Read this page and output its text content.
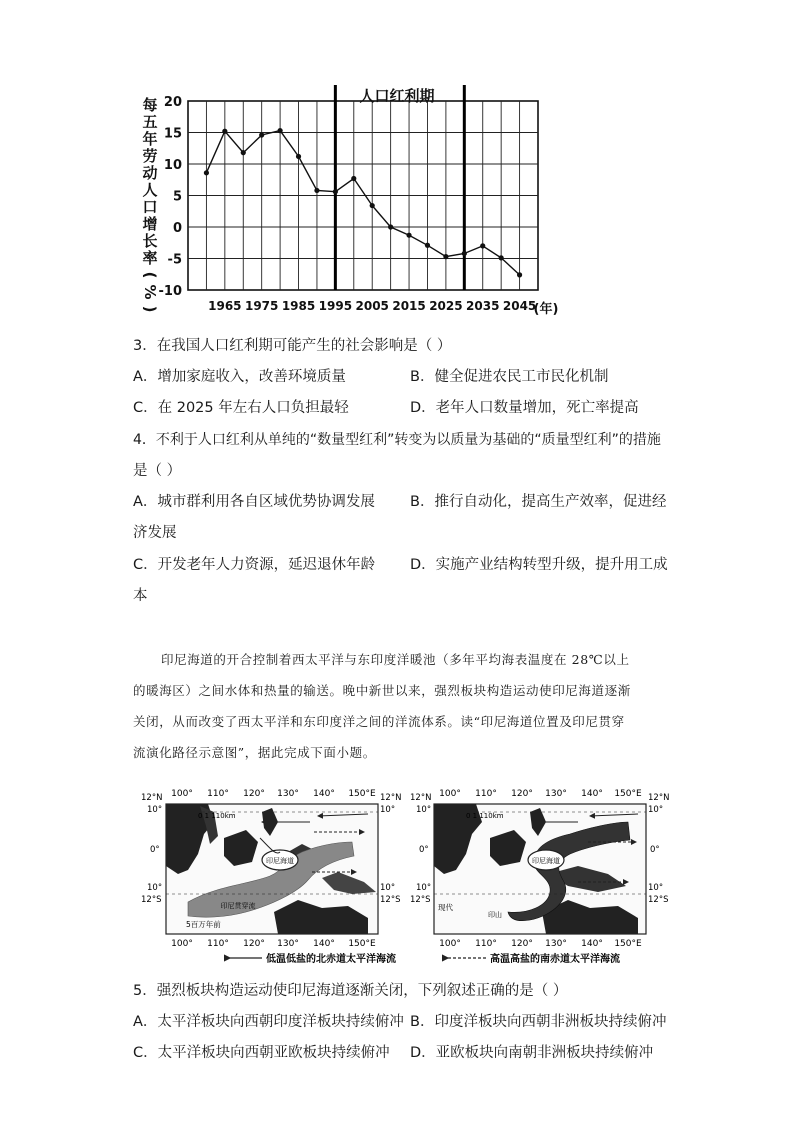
人口红利期
每
五
年
劳
动
人
口
增
长
率
(
%
)
20
15
10
5
0
-5
-10
1965 1975 1985 1995 2005 2015 2025 2035 2045
(年)
3．在我国人口红利期可能产生的社会影响是（ ）
A．增加家庭收入，改善环境质量	B．健全促进农民工市民化机制
C．在 2025 年左右人口负担最轻	D．老年人口数量增加，死亡率提高
4．不利于人口红利从单纯的“数量型红利”转变为以质量为基础的“质量型红利”的措施
是（ ）
A．城市群利用各自区域优势协调发展 B．推行自动化，提高生产效率，促进经
济发展
C．开发老年人力资源，延迟退休年龄 D．实施产业结构转型升级，提升用工成
本
印尼海道的开合控制着西太平洋与东印度洋暖池（多年平均海表温度在 28℃以上
的暖海区）之间水体和热量的输送。晚中新世以来，强烈板块构造运动使印尼海道逐渐
关闭，从而改变了西太平洋和东印度洋之间的洋流体系。读“印尼海道位置及印尼贯穿
流演化路径示意图”，据此完成下面小题。
100° 110° 120° 130° 140° 150°E
100° 110° 120° 130° 140° 150°E
12°N
10°
0°
10°
12°S
12°N
10°
10°
12°S
印尼海道
印尼贯穿流
5百万年前
0 1 110km
100° 110° 120° 130° 140° 150°E
100° 110° 120° 130° 140° 150°E
12°N
10°
0°
10°
12°S
12°N
10°
0°
10°
12°S
印尼海道
现代
印山
0 1 110km
低温低盐的北赤道太平洋海流	高温高盐的南赤道太平洋海流
5．强烈板块构造运动使印尼海道逐渐关闭，下列叙述正确的是（ ）
A．太平洋板块向西朝印度洋板块持续俯冲 B．印度洋板块向西朝非洲板块持续俯冲
C．太平洋板块向西朝亚欧板块持续俯冲 D．亚欧板块向南朝非洲板块持续俯冲
